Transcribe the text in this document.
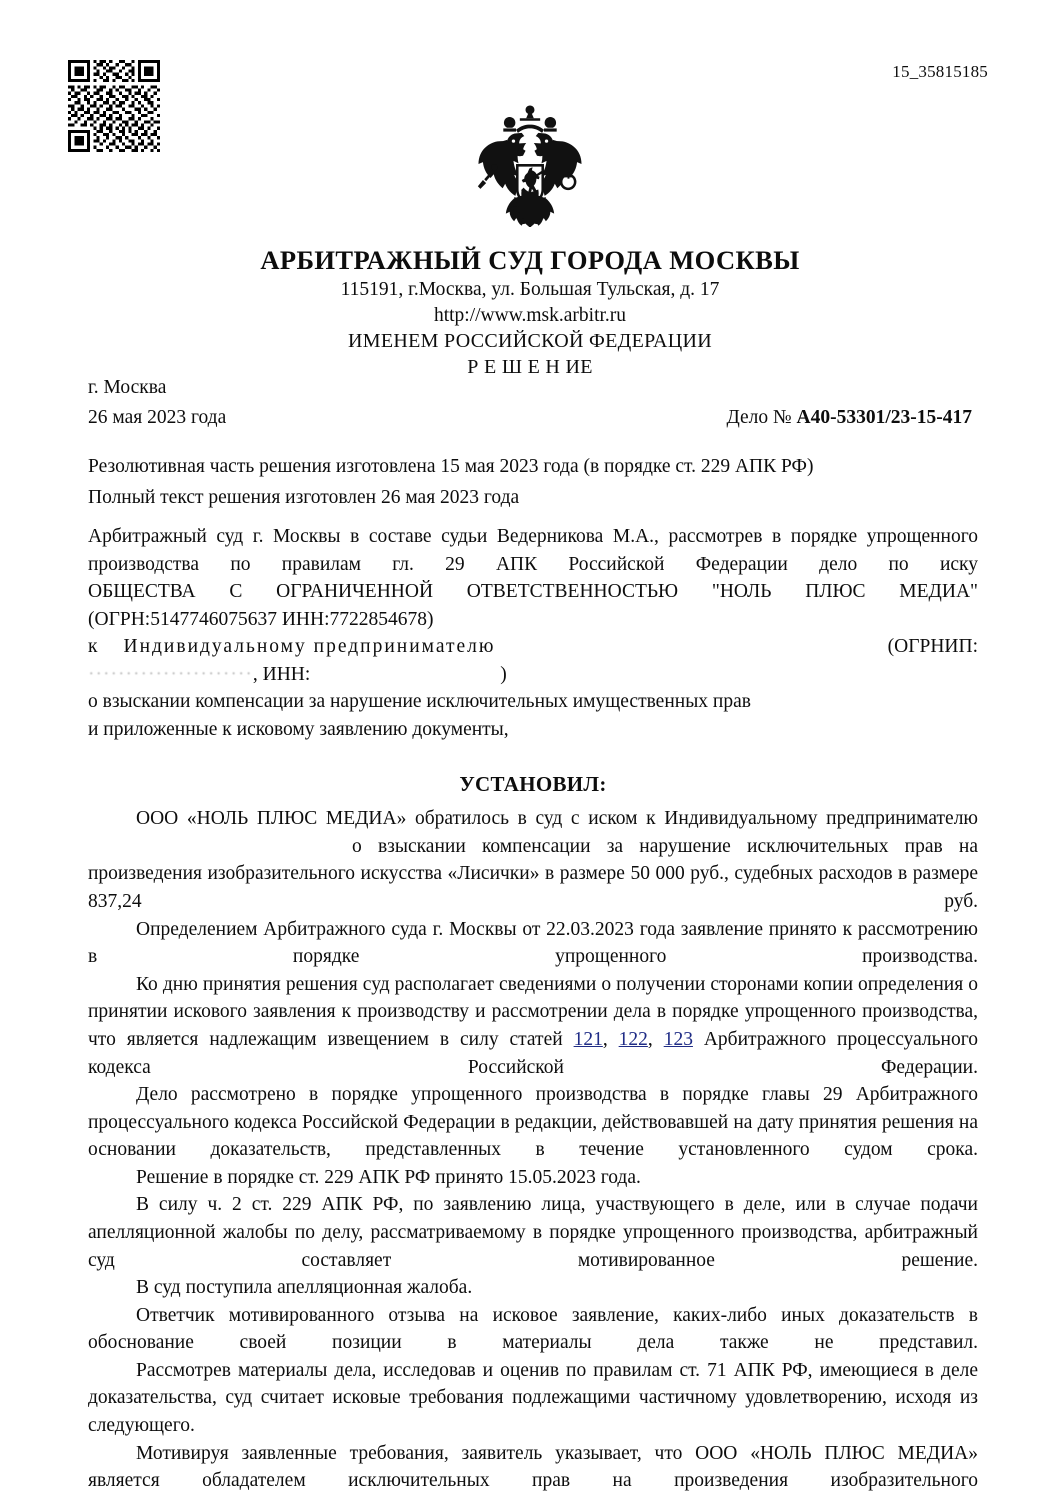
15_35815185
АРБИТРАЖНЫЙ СУД ГОРОДА МОСКВЫ
115191, г.Москва, ул. Большая Тульская, д. 17
http://www.msk.arbitr.ru
ИМЕНЕМ РОССИЙСКОЙ ФЕДЕРАЦИИ
Р Е Ш Е Н ИЕ
г. Москва
26 мая 2023 года	Дело № A40-53301/23-15-417
Резолютивная часть решения изготовлена 15 мая 2023 года (в порядке ст. 229 АПК РФ)
Полный текст решения изготовлен 26 мая 2023 года

Арбитражный суд г. Москвы в составе судьи Ведерникова М.А., рассмотрев в порядке упрощенного производства по правилам гл. 29 АПК Российской Федерации дело по иску

ОБЩЕСТВА С ОГРАНИЧЕННОЙ ОТВЕТСТВЕННОСТЬЮ "НОЛЬ ПЛЮС МЕДИА"

(ОГРН:5147746075637 ИНН:7722854678)

к Индивидуальному предпринимателю	(ОГРНИП:

······················, ИНН:	)

о взыскании компенсации за нарушение исключительных имущественных прав

и приложенные к исковому заявлению документы,

УСТАНОВИЛ:

ООО «НОЛЬ ПЛЮС МЕДИА» обратилось в суд с иском к Индивидуальному предпринимателюо взыскании компенсации за нарушение исключительных прав на произведения изобразительного искусства «Лисички» в размере 50 000 руб., судебных расходов в размере 837,24 руб.

Определением Арбитражного суда г. Москвы от 22.03.2023 года заявление принято к рассмотрению в порядке упрощенного производства.

Ко дню принятия решения суд располагает сведениями о получении сторонами копии определения о принятии искового заявления к производству и рассмотрении дела в порядке упрощенного производства, что является надлежащим извещением в силу статей 121, 122, 123 Арбитражного процессуального кодекса Российской Федерации.

Дело рассмотрено в порядке упрощенного производства в порядке главы 29 Арбитражного процессуального кодекса Российской Федерации в редакции, действовавшей на дату принятия решения на основании доказательств, представленных в течение установленного судом срока.

Решение в порядке ст. 229 АПК РФ принято 15.05.2023 года.

В силу ч. 2 ст. 229 АПК РФ, по заявлению лица, участвующего в деле, или в случае подачи апелляционной жалобы по делу, рассматриваемому в порядке упрощенного производства, арбитражный суд составляет мотивированное решение.

В суд поступила апелляционная жалоба.

Ответчик мотивированного отзыва на исковое заявление, каких-либо иных доказательств в обоснование своей позиции в материалы дела также не представил.

Рассмотрев материалы дела, исследовав и оценив по правилам ст. 71 АПК РФ, имеющиеся в деле доказательства, суд считает исковые требования подлежащими частичному удовлетворению, исходя из следующего.

Мотивируя заявленные требования, заявитель указывает, что ООО «НОЛЬ ПЛЮС МЕДИА» является обладателем исключительных прав на произведения изобразительного
